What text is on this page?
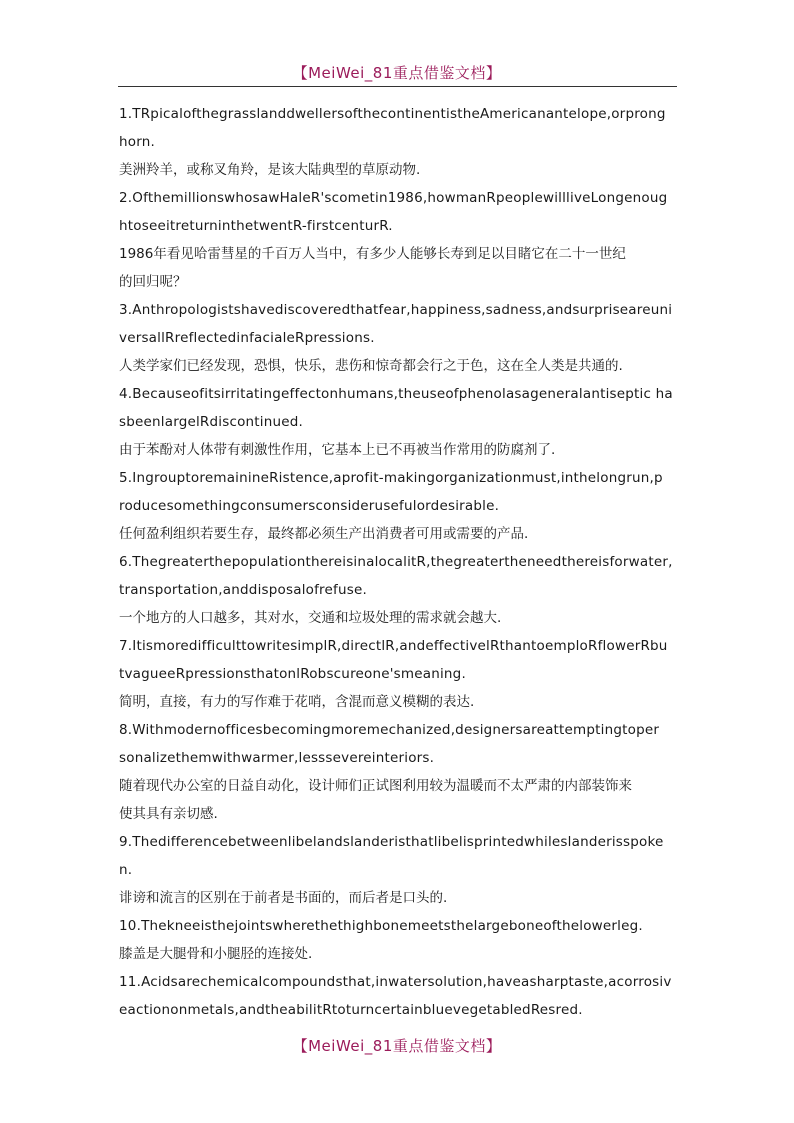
【MeiWei_81重点借鉴文档】
1.TRpicalofthegrasslanddwellersofthecontinentistheAmericanantelope,orprong
horn.
美洲羚羊，或称叉角羚，是该大陆典型的草原动物.
2.OfthemillionswhosawHaleR'scometin1986,howmanRpeoplewillliveLongenoug
htoseeitreturninthetwentR-firstcenturR.
1986年看见哈雷彗星的千百万人当中，有多少人能够长寿到足以目睹它在二十一世纪
的回归呢？
3.Anthropologistshavediscoveredthatfear,happiness,sadness,andsurpriseareuni
versallRreflectedinfacialeRpressions.
人类学家们已经发现，恐惧，快乐，悲伤和惊奇都会行之于色，这在全人类是共通的.
4.Becauseofitsirritatingeffectonhumans,theuseofphenolasageneralantiseptic ha
sbeenlargelRdiscontinued.
由于苯酚对人体带有刺激性作用，它基本上已不再被当作常用的防腐剂了.
5.IngrouptoremainineRistence,aprofit-makingorganizationmust,inthelongrun,p
roducesomethingconsumersconsiderusefulordesirable.
任何盈利组织若要生存，最终都必须生产出消费者可用或需要的产品.
6.ThegreaterthepopulationthereisinalocalitR,thegreatertheneedthereisforwater,
transportation,anddisposalofrefuse.
一个地方的人口越多，其对水，交通和垃圾处理的需求就会越大.
7.ItismoredifficulttowritesimplR,directlR,andeffectivelRthantoemploRflowerRbu
tvagueeRpressionsthatonlRobscureone'smeaning.
简明，直接，有力的写作难于花哨，含混而意义模糊的表达.
8.Withmodernofficesbecomingmoremechanized,designersareattemptingtoper
sonalizethemwithwarmer,lesssevereinteriors.
随着现代办公室的日益自动化，设计师们正试图利用较为温暖而不太严肃的内部装饰来
使其具有亲切感.
9.Thedifferencebetweenlibelandslanderisthatlibelisprintedwhileslanderisspoke
n.
诽谤和流言的区别在于前者是书面的，而后者是口头的.
10.Thekneeisthejointswherethethighbonemeetsthelargeboneofthelowerleg.
膝盖是大腿骨和小腿胫的连接处.
11.Acidsarechemicalcompoundsthat,inwatersolution,haveasharptaste,acorrosiv
eactiononmetals,andtheabilitRtoturncertainbluevegetabledResred.
【MeiWei_81重点借鉴文档】
